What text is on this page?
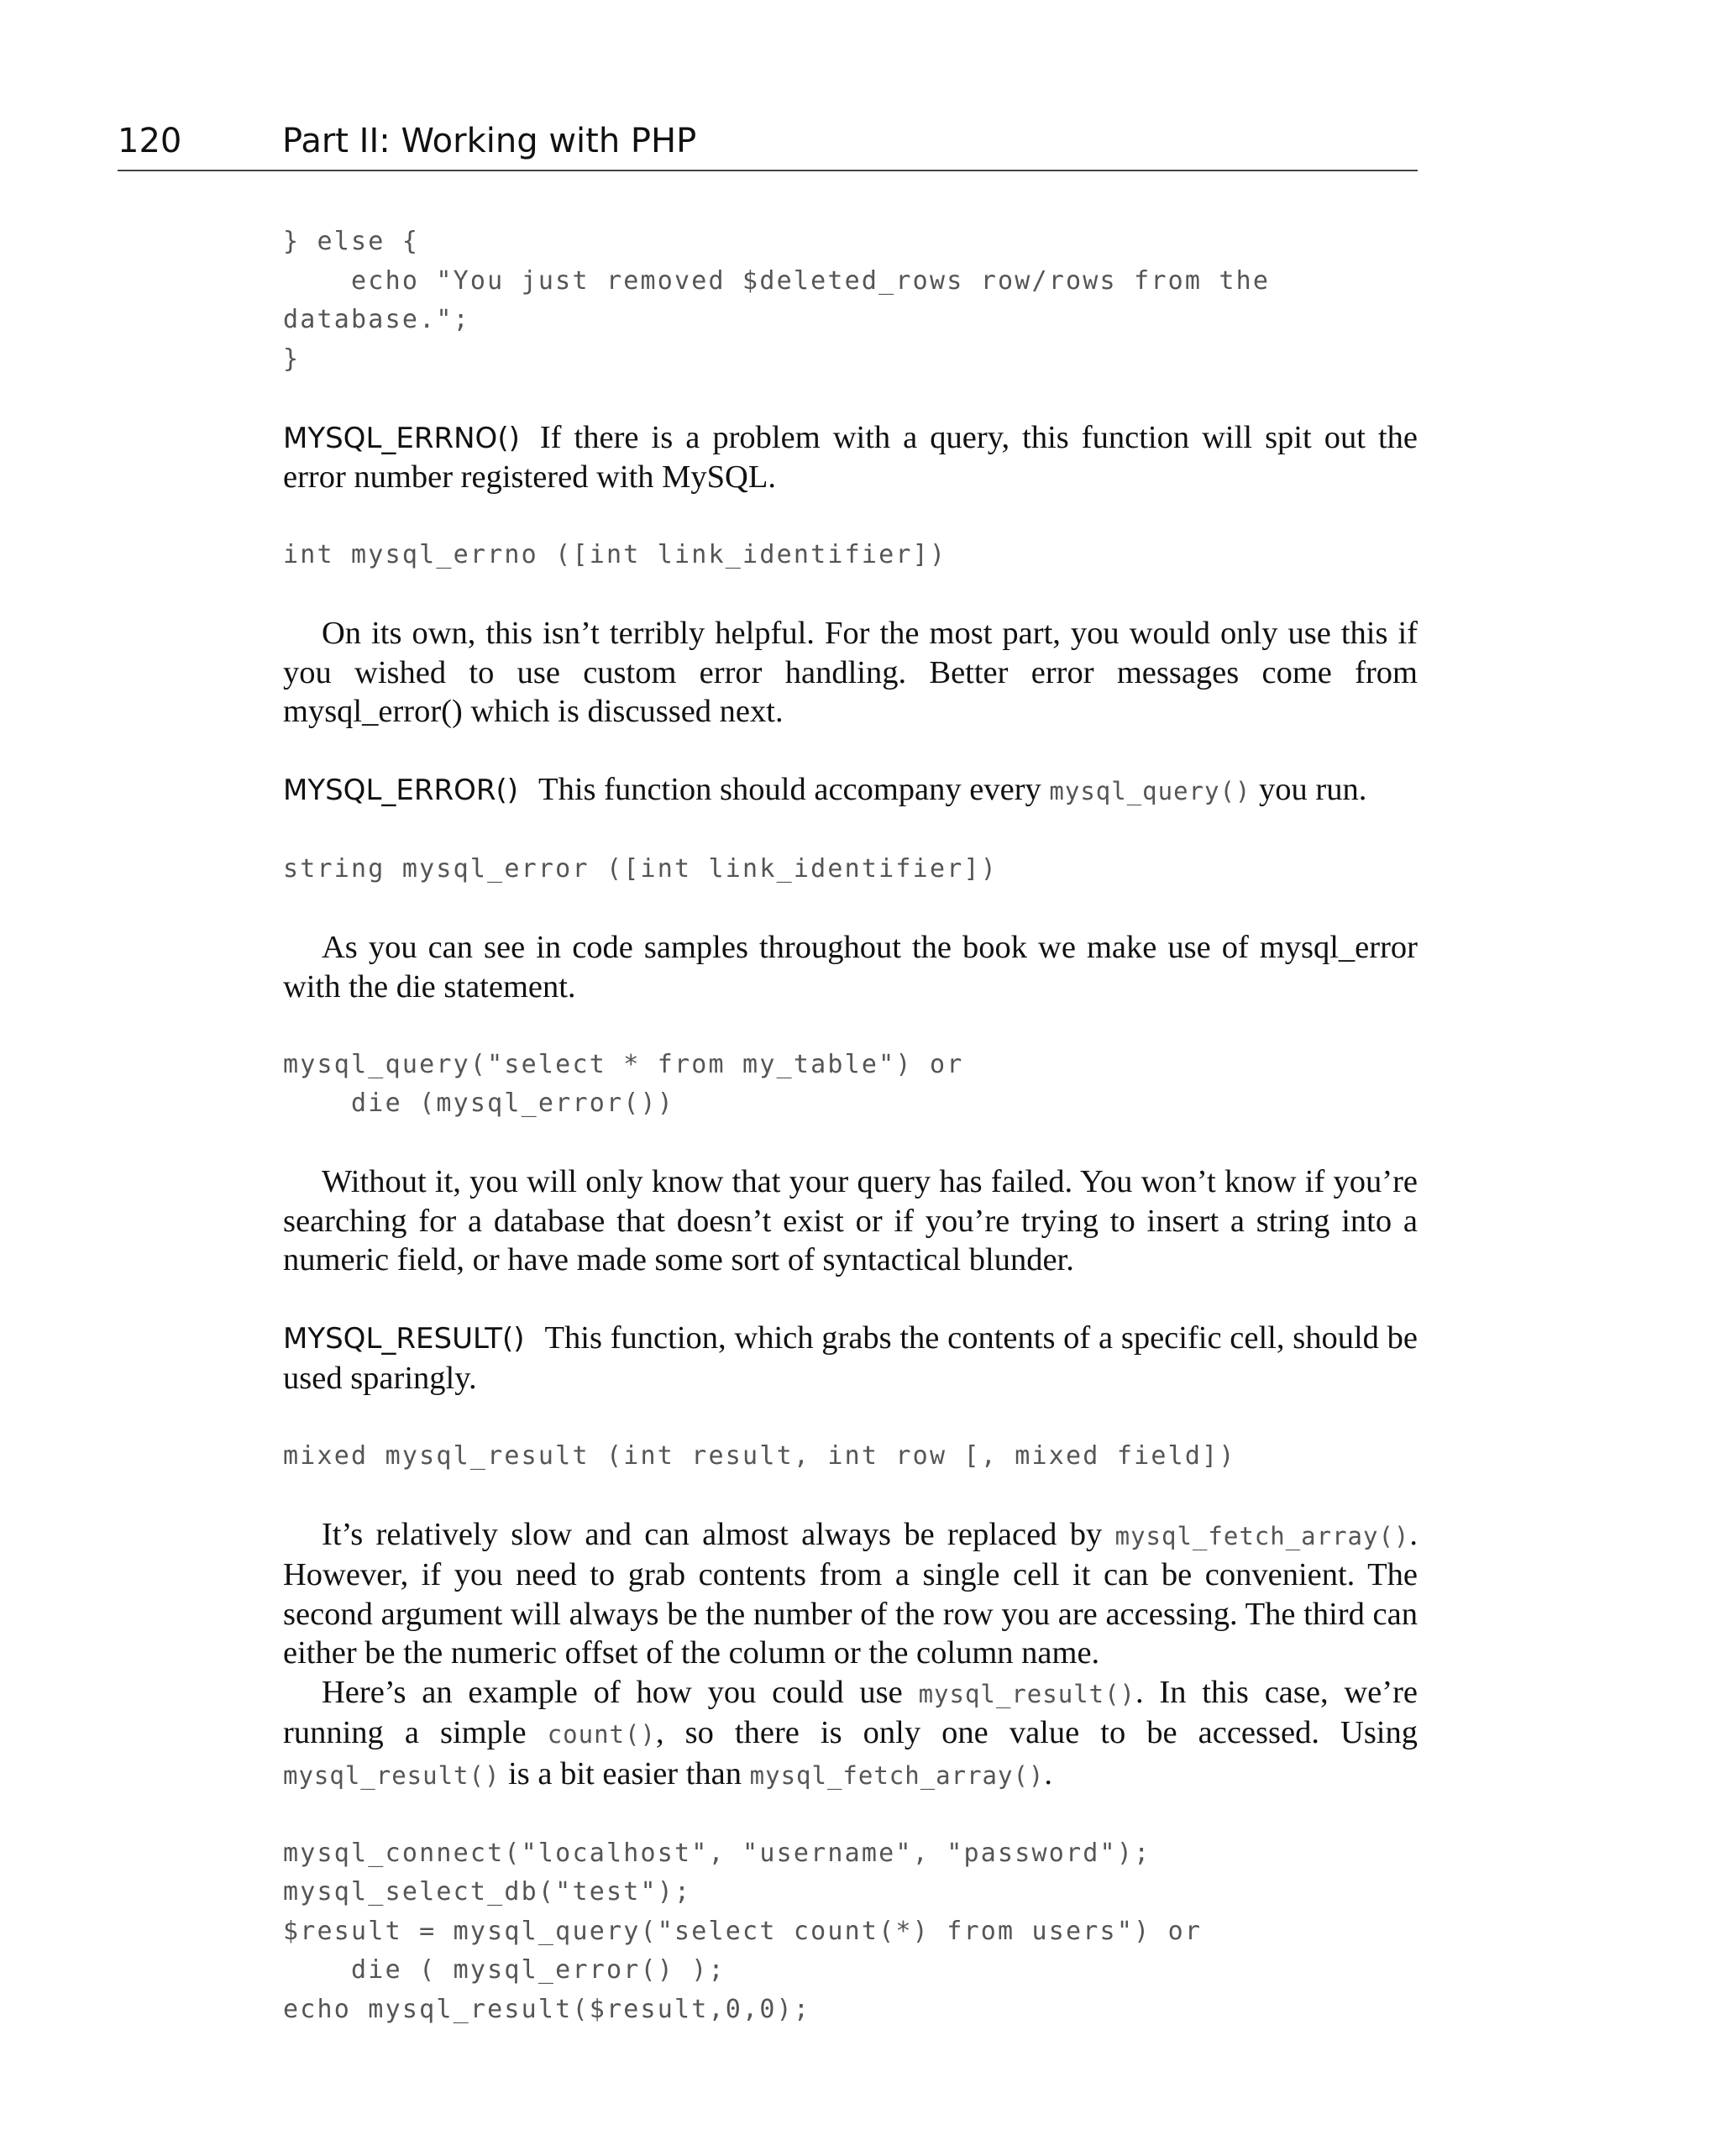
120	Part II: Working with PHP
} else {
echo "You just removed $deleted_rows row/rows from the
database.";
}

MYSQL_ERRNO() If there is a problem with a query, this function will spit out the error number registered with MySQL.

int mysql_errno ([int link_identifier])

On its own, this isn’t terribly helpful. For the most part, you would only use this if you wished to use custom error handling. Better error messages come from mysql_error() which is discussed next.

MYSQL_ERROR() This function should accompany every mysql_query() you run.

string mysql_error ([int link_identifier])

As you can see in code samples throughout the book we make use of mysql_error with the die statement.

mysql_query("select * from my_table") or
die (mysql_error())

Without it, you will only know that your query has failed. You won’t know if you’re searching for a database that doesn’t exist or if you’re trying to insert a string into a numeric field, or have made some sort of syntactical blunder.

MYSQL_RESULT() This function, which grabs the contents of a specific cell, should be used sparingly.

mixed mysql_result (int result, int row [, mixed field])

It’s relatively slow and can almost always be replaced by mysql_fetch_array(). However, if you need to grab contents from a single cell it can be convenient. The second argument will always be the number of the row you are accessing. The third can either be the numeric offset of the column or the column name.

Here’s an example of how you could use mysql_result(). In this case, we’re running a simple count(), so there is only one value to be accessed. Using mysql_result() is a bit easier than mysql_fetch_array().

mysql_connect("localhost", "username", "password");
mysql_select_db("test");
$result = mysql_query("select count(*) from users") or
die ( mysql_error() );
echo mysql_result($result,0,0);
